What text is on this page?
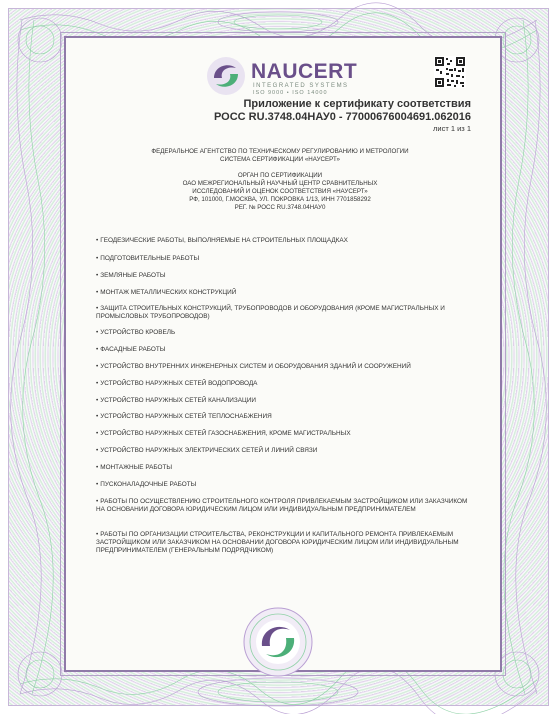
NAUCERT
INTEGRATED SYSTEMS
ISO 9000 • ISO 14000
Приложение к сертификату соответствия
РОСС RU.3748.04НАУ0 - 77000676004691.062016
лист 1 из 1
ФЕДЕРАЛЬНОЕ АГЕНТСТВО ПО ТЕХНИЧЕСКОМУ РЕГУЛИРОВАНИЮ И МЕТРОЛОГИИ
СИСТЕМА СЕРТИФИКАЦИИ «НАУСЕРТ»
ОРГАН ПО СЕРТИФИКАЦИИ
ОАО МЕЖРЕГИОНАЛЬНЫЙ НАУЧНЫЙ ЦЕНТР СРАВНИТЕЛЬНЫХ
ИССЛЕДОВАНИЙ И ОЦЕНОК СООТВЕТСТВИЯ «НАУСЕРТ»
РФ, 101000, Г.МОСКВА, УЛ. ПОКРОВКА 1/13, ИНН 7701858292
РЕГ. № РОСС RU.3748.04НАУ0
• ГЕОДЕЗИЧЕСКИЕ РАБОТЫ, ВЫПОЛНЯЕМЫЕ НА СТРОИТЕЛЬНЫХ ПЛОЩАДКАХ
• ПОДГОТОВИТЕЛЬНЫЕ РАБОТЫ
• ЗЕМЛЯНЫЕ РАБОТЫ
• МОНТАЖ МЕТАЛЛИЧЕСКИХ КОНСТРУКЦИЙ
• ЗАЩИТА СТРОИТЕЛЬНЫХ КОНСТРУКЦИЙ, ТРУБОПРОВОДОВ И ОБОРУДОВАНИЯ (КРОМЕ МАГИСТРАЛЬНЫХ И ПРОМЫСЛОВЫХ ТРУБОПРОВОДОВ)
• УСТРОЙСТВО КРОВЕЛЬ
• ФАСАДНЫЕ РАБОТЫ
• УСТРОЙСТВО ВНУТРЕННИХ ИНЖЕНЕРНЫХ СИСТЕМ И ОБОРУДОВАНИЯ ЗДАНИЙ И СООРУЖЕНИЙ
• УСТРОЙСТВО НАРУЖНЫХ СЕТЕЙ ВОДОПРОВОДА
• УСТРОЙСТВО НАРУЖНЫХ СЕТЕЙ КАНАЛИЗАЦИИ
• УСТРОЙСТВО НАРУЖНЫХ СЕТЕЙ ТЕПЛОСНАБЖЕНИЯ
• УСТРОЙСТВО НАРУЖНЫХ СЕТЕЙ ГАЗОСНАБЖЕНИЯ, КРОМЕ МАГИСТРАЛЬНЫХ
• УСТРОЙСТВО НАРУЖНЫХ ЭЛЕКТРИЧЕСКИХ СЕТЕЙ И ЛИНИЙ СВЯЗИ
• МОНТАЖНЫЕ РАБОТЫ
• ПУСКОНАЛАДОЧНЫЕ РАБОТЫ
• РАБОТЫ ПО ОСУЩЕСТВЛЕНИЮ СТРОИТЕЛЬНОГО КОНТРОЛЯ ПРИВЛЕКАЕМЫМ ЗАСТРОЙЩИКОМ ИЛИ ЗАКАЗЧИКОМ НА ОСНОВАНИИ ДОГОВОРА ЮРИДИЧЕСКИМ ЛИЦОМ ИЛИ ИНДИВИДУАЛЬНЫМ ПРЕДПРИНИМАТЕЛЕМ
• РАБОТЫ ПО ОРГАНИЗАЦИИ СТРОИТЕЛЬСТВА, РЕКОНСТРУКЦИИ И КАПИТАЛЬНОГО РЕМОНТА ПРИВЛЕКАЕМЫМ ЗАСТРОЙЩИКОМ ИЛИ ЗАКАЗЧИКОМ НА ОСНОВАНИИ ДОГОВОРА ЮРИДИЧЕСКИМ ЛИЦОМ ИЛИ ИНДИВИДУАЛЬНЫМ ПРЕДПРИНИМАТЕЛЕМ (ГЕНЕРАЛЬНЫМ ПОДРЯДЧИКОМ)
